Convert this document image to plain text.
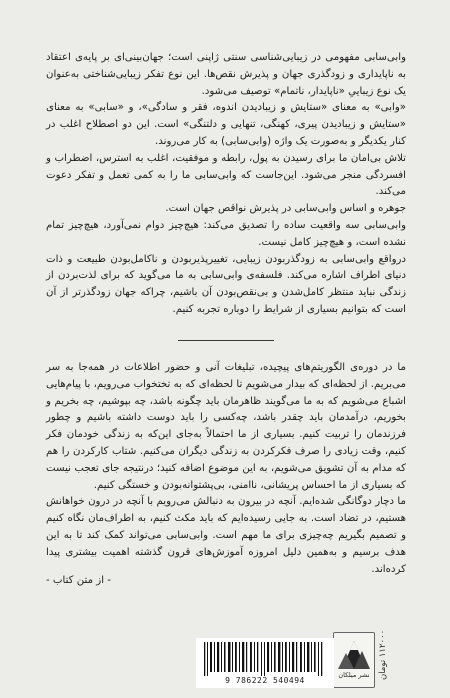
وابی‌سابی مفهومی در زیبایی‌شناسی سنتی ژاپنی است؛ جهان‌بینی‌ای بر پایه‌ی اعتقاد به ناپایداری و زودگذری جهان و پذیرش نقص‌ها. این نوع تفکر زیبایی‌شناختی به‌عنوان یک نوع زیباییِ «ناپایدار، ناتمام» توصیف می‌شود.

«وابی» به معنای «ستایش و زیبادیدن اندوه، فقر و سادگی»، و «سابی» به معنای «ستایش و زیبادیدن پیری، کهنگی، تنهایی و دلتنگی» است. این دو اصطلاح اغلب در کنار یکدیگر و به‌صورت یک واژه (وابی‌سابی) به کار می‌روند.

تلاش بی‌امان ما برای رسیدن به پول، رابطه و موفقیت، اغلب به استرس، اضطراب و افسردگی منجر می‌شود. این‌جاست که وابی‌سابی ما را به کمی تعمل و تفکر دعوت می‌کند.

جوهره و اساس وابی‌سابی در پذیرش نواقص جهان است.

وابی‌سابی سه واقعیت ساده را تصدیق می‌کند: هیچ‌چیز دوام نمی‌آورد، هیچ‌چیز تمام نشده است، و هیچ‌چیز کامل نیست.

درواقع وابی‌سابی به زودگذربودن زیبایی، تغییرپذیربودن و ناکامل‌بودن طبیعت و ذات دنیای اطراف اشاره می‌کند. فلسفه‌ی وابی‌سابی به ما می‌گوید که برای لذت‌بردن از زندگی نباید منتظر کامل‌شدن و بی‌نقص‌بودن آن باشیم، چراکه جهان زودگذرتر از آن است که بتوانیم بسیاری از شرایط را دوباره تجربه کنیم.

ما در دوره‌ی الگوریتم‌های پیچیده، تبلیغات آنی و حضور اطلاعات در همه‌جا به سر می‌بریم. از لحظه‌ای که بیدار می‌شویم تا لحظه‌ای که به تختخواب می‌رویم، با پیام‌هایی اشباع می‌شویم که به ما می‌گویند ظاهرمان باید چگونه باشد، چه بپوشیم، چه بخریم و بخوریم، درآمدمان باید چقدر باشد، چه‌کسی را باید دوست داشته باشیم و چطور فرزندمان را تربیت کنیم. بسیاری از ما احتمالاً به‌جای این‌که به زندگی خودمان فکر کنیم، وقت زیادی را صرف فکرکردن به زندگی دیگران می‌کنیم. شتاب کارکردن را هم که مدام به آن تشویق می‌شویم، به این موضوع اضافه کنید؛ درنتیجه جای تعجب نیست که بسیاری از ما احساس پریشانی، ناامنی، بی‌پشتوانه‌بودن و خستگی کنیم.

ما دچار دوگانگی شده‌ایم. آنچه در بیرون به دنبالش می‌رویم با آنچه در درون خواهانش هستیم، در تضاد است. به جایی رسیده‌ایم که باید مکث کنیم، به اطراف‌مان نگاه کنیم و تصمیم بگیریم چه‌چیزی برای ما مهم است. وابی‌سابی می‌تواند کمک کند تا به این هدف برسیم و به‌همین دلیل امروزه آموزش‌های قرون گذشته اهمیت بیشتری پیدا کرده‌اند.

- از متن کتاب -
نشر میلکان ۱۱۲۰۰۰ تومان
9 786222 540494
